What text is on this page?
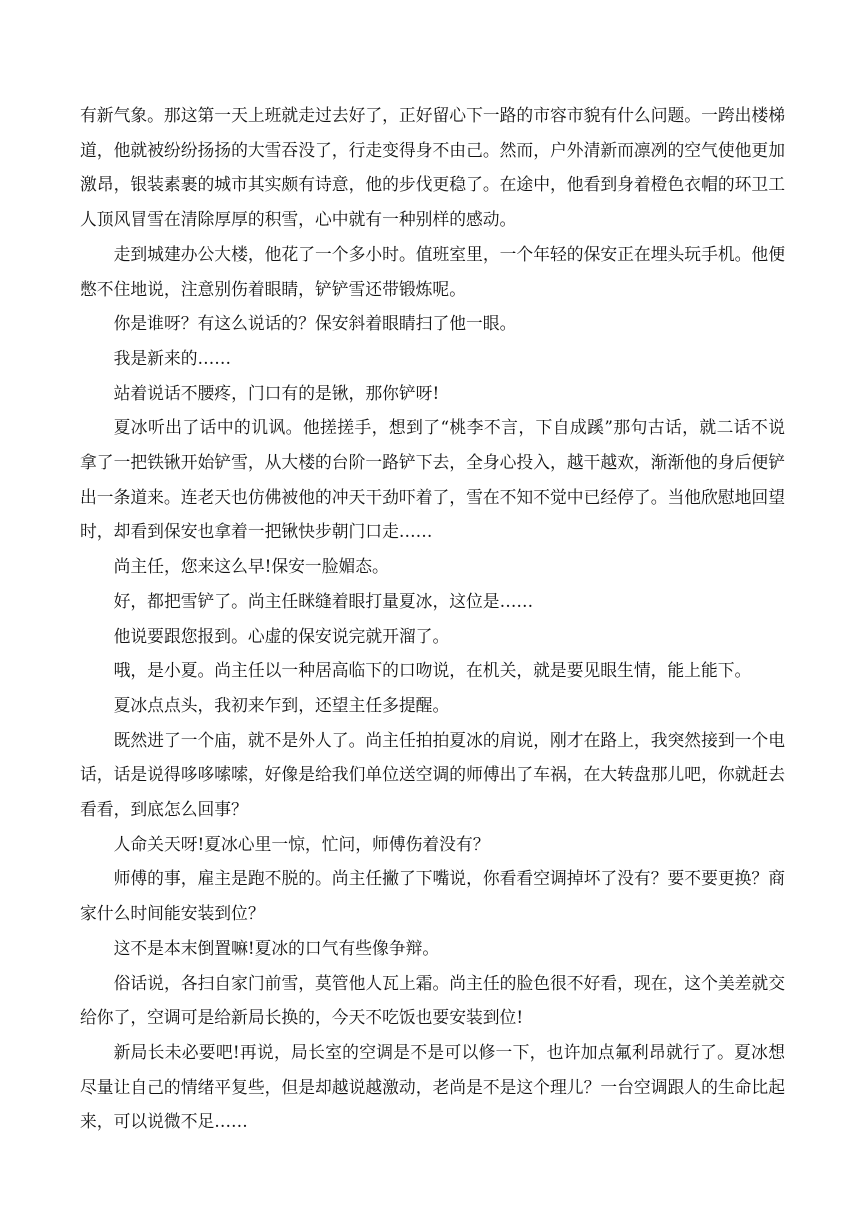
有新气象。那这第一天上班就走过去好了，正好留心下一路的市容市貌有什么问题。一跨出楼梯道，他就被纷纷扬扬的大雪吞没了，行走变得身不由己。然而，户外清新而凛冽的空气使他更加激昂，银装素裹的城市其实颇有诗意，他的步伐更稳了。在途中，他看到身着橙色衣帽的环卫工人顶风冒雪在清除厚厚的积雪，心中就有一种别样的感动。

走到城建办公大楼，他花了一个多小时。值班室里，一个年轻的保安正在埋头玩手机。他便憋不住地说，注意别伤着眼睛，铲铲雪还带锻炼呢。

你是谁呀？有这么说话的？保安斜着眼睛扫了他一眼。

我是新来的……

站着说话不腰疼，门口有的是锹，那你铲呀!

夏冰听出了话中的讥讽。他搓搓手，想到了“桃李不言，下自成蹊”那句古话，就二话不说拿了一把铁锹开始铲雪，从大楼的台阶一路铲下去，全身心投入，越干越欢，渐渐他的身后便铲出一条道来。连老天也仿佛被他的冲天干劲吓着了，雪在不知不觉中已经停了。当他欣慰地回望时，却看到保安也拿着一把锹快步朝门口走……

尚主任，您来这么早!保安一脸媚态。

好，都把雪铲了。尚主任眯缝着眼打量夏冰，这位是……

他说要跟您报到。心虚的保安说完就开溜了。

哦，是小夏。尚主任以一种居高临下的口吻说，在机关，就是要见眼生情，能上能下。

夏冰点点头，我初来乍到，还望主任多提醒。

既然进了一个庙，就不是外人了。尚主任拍拍夏冰的肩说，刚才在路上，我突然接到一个电话，话是说得哆哆嗦嗦，好像是给我们单位送空调的师傅出了车祸，在大转盘那儿吧，你就赶去看看，到底怎么回事？

人命关天呀!夏冰心里一惊，忙问，师傅伤着没有？

师傅的事，雇主是跑不脱的。尚主任撇了下嘴说，你看看空调掉坏了没有？要不要更换？商家什么时间能安装到位？

这不是本末倒置嘛!夏冰的口气有些像争辩。

俗话说，各扫自家门前雪，莫管他人瓦上霜。尚主任的脸色很不好看，现在，这个美差就交给你了，空调可是给新局长换的，今天不吃饭也要安装到位!

新局长未必要吧!再说，局长室的空调是不是可以修一下，也许加点氟利昂就行了。夏冰想尽量让自己的情绪平复些，但是却越说越激动，老尚是不是这个理儿？一台空调跟人的生命比起来，可以说微不足……
